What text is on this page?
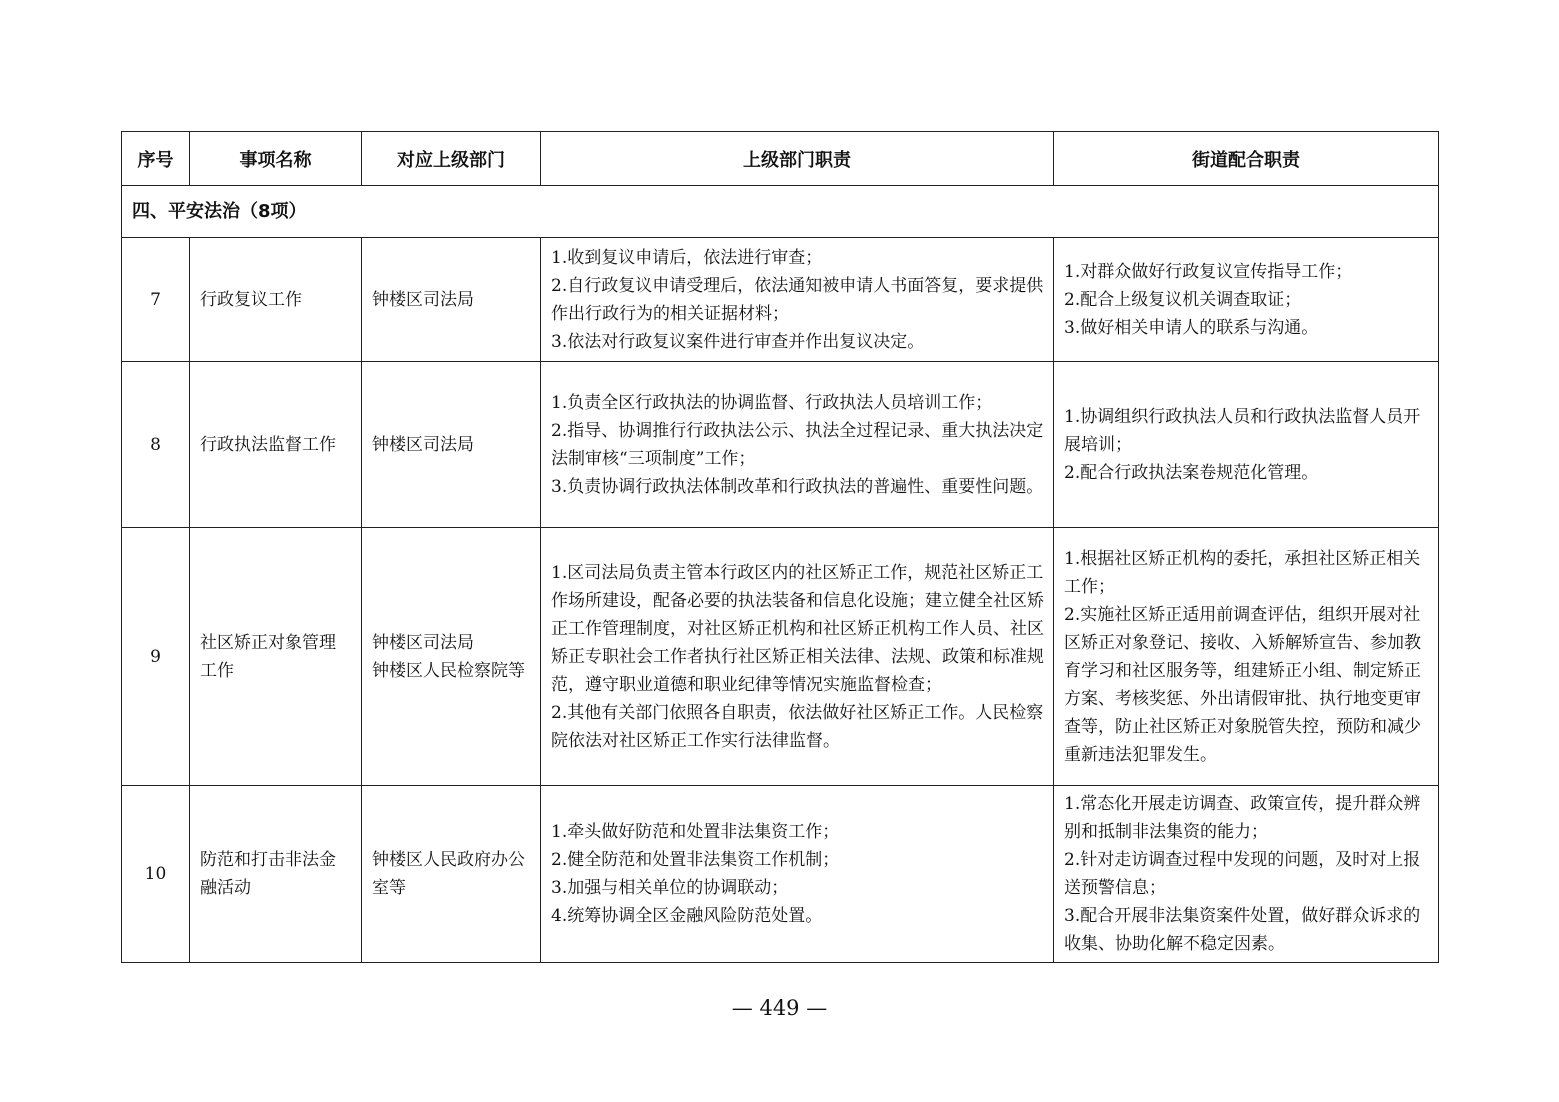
序号	事项名称	对应上级部门	上级部门职责	街道配合职责
四、平安法治（8项）				
7	行政复议工作	钟楼区司法局	1.收到复议申请后，依法进行审查；
2.自行政复议申请受理后，依法通知被申请人书面答复，要求提供作出行政行为的相关证据材料；
3.依法对行政复议案件进行审查并作出复议决定。	1.对群众做好行政复议宣传指导工作；
2.配合上级复议机关调查取证；
3.做好相关申请人的联系与沟通。

8	行政执法监督工作	钟楼区司法局	1.负责全区行政执法的协调监督、行政执法人员培训工作；
2.指导、协调推行行政执法公示、执法全过程记录、重大执法决定法制审核“三项制度”工作；
3.负责协调行政执法体制改革和行政执法的普遍性、重要性问题。	1.协调组织行政执法人员和行政执法监督人员开展培训；
2.配合行政执法案卷规范化管理。

9	社区矫正对象管理工作	钟楼区司法局
钟楼区人民检察院等	1.区司法局负责主管本行政区内的社区矫正工作，规范社区矫正工作场所建设，配备必要的执法装备和信息化设施；建立健全社区矫正工作管理制度，对社区矫正机构和社区矫正机构工作人员、社区矫正专职社会工作者执行社区矫正相关法律、法规、政策和标准规范，遵守职业道德和职业纪律等情况实施监督检查；
2.其他有关部门依照各自职责，依法做好社区矫正工作。人民检察院依法对社区矫正工作实行法律监督。	1.根据社区矫正机构的委托，承担社区矫正相关工作；
2.实施社区矫正适用前调查评估，组织开展对社区矫正对象登记、接收、入矫解矫宣告、参加教育学习和社区服务等，组建矫正小组、制定矫正方案、考核奖惩、外出请假审批、执行地变更审查等，防止社区矫正对象脱管失控，预防和减少重新违法犯罪发生。

10	防范和打击非法金融活动	钟楼区人民政府办公室等	1.牵头做好防范和处置非法集资工作；
2.健全防范和处置非法集资工作机制；
3.加强与相关单位的协调联动；
4.统筹协调全区金融风险防范处置。	1.常态化开展走访调查、政策宣传，提升群众辨别和抵制非法集资的能力；
2.针对走访调查过程中发现的问题，及时对上报送预警信息；
3.配合开展非法集资案件处置，做好群众诉求的收集、协助化解不稳定因素。
— 449 —
